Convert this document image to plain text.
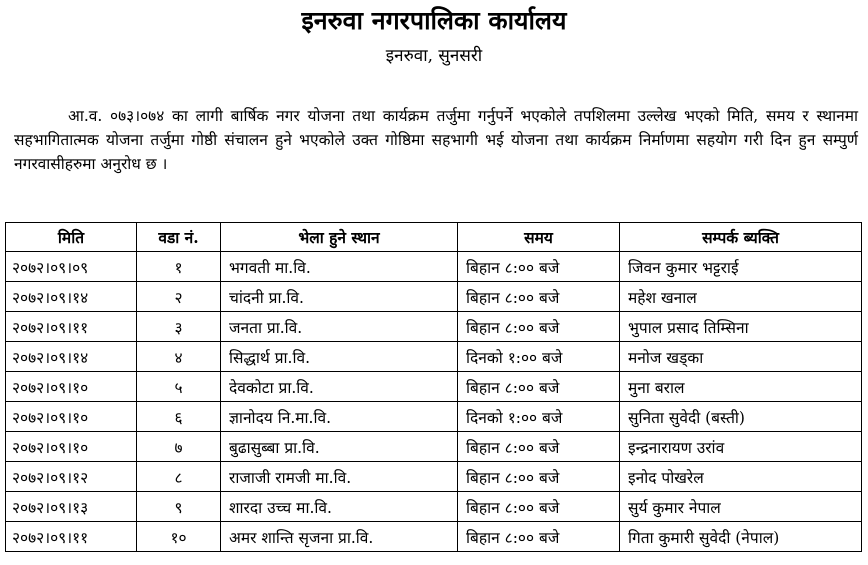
इनरुवा नगरपालिका कार्यालय
इनरुवा, सुनसरी
आ.व. ०७३।०७४ का लागी बार्षिक नगर योजना तथा कार्यक्रम तर्जुमा गर्नुपर्ने भएकोले तपशिलमा उल्लेख भएको मिति, समय र स्थानमा सहभागितात्मक योजना तर्जुमा गोष्ठी संचालन हुने भएकोले उक्त गोष्ठिमा सहभागी भई योजना तथा कार्यक्रम निर्माणमा सहयोग गरी दिन हुन सम्पुर्ण नगरवासीहरुमा अनुरोध छ ।
मिति	वडा नं.	भेला हुने स्थान	समय	सम्पर्क ब्यक्ति
२०७२।०९।०९	१	भगवती मा.वि.	बिहान ८:०० बजे	जिवन कुमार भट्टराई
२०७२।०९।१४	२	चांदनी प्रा.वि.	बिहान ८:०० बजे	महेश खनाल
२०७२।०९।११	३	जनता प्रा.वि.	बिहान ८:०० बजे	भुपाल प्रसाद तिम्सिना
२०७२।०९।१४	४	सिद्धार्थ प्रा.वि.	दिनको १:०० बजे	मनोज खड्का
२०७२।०९।१०	५	देवकोटा प्रा.वि.	बिहान ८:०० बजे	मुना बराल
२०७२।०९।१०	६	ज्ञानोदय नि.मा.वि.	दिनको १:०० बजे	सुनिता सुवेदी (बस्ती)
२०७२।०९।१०	७	बुढासुब्बा प्रा.वि.	बिहान ८:०० बजे	इन्द्रनारायण उरांव
२०७२।०९।१२	८	राजाजी रामजी मा.वि.	बिहान ८:०० बजे	इनोद पोखरेल
२०७२।०९।१३	९	शारदा उच्च मा.वि.	बिहान ८:०० बजे	सुर्य कुमार नेपाल
२०७२।०९।११	१०	अमर शान्ति सृजना प्रा.वि.	बिहान ८:०० बजे	गिता कुमारी सुवेदी (नेपाल)
